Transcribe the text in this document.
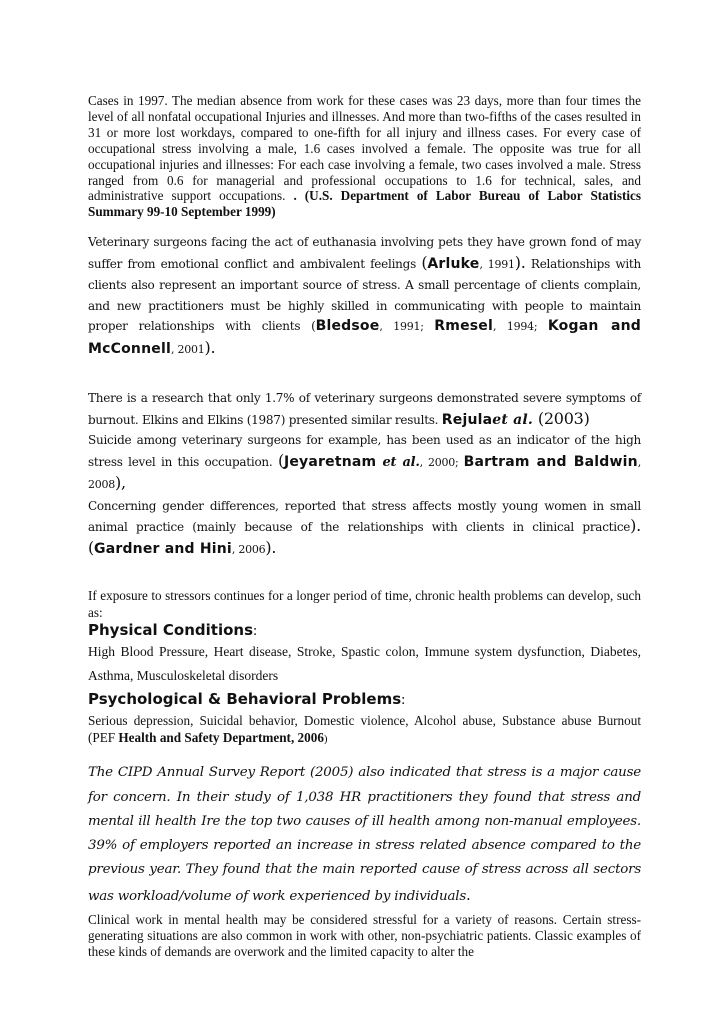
Cases in 1997. The median absence from work for these cases was 23 days, more than four times the level of all nonfatal occupational Injuries and illnesses. And more than two-fifths of the cases resulted in 31 or more lost workdays, compared to one-fifth for all injury and illness cases. For every case of occupational stress involving a male, 1.6 cases involved a female. The opposite was true for all occupational injuries and illnesses: For each case involving a female, two cases involved a male. Stress ranged from 0.6 for managerial and professional occupations to 1.6 for technical, sales, and administrative support occupations. . (U.S. Department of Labor Bureau of Labor Statistics Summary 99-10 September 1999)

Veterinary surgeons facing the act of euthanasia involving pets they have grown fond of may suffer from emotional conflict and ambivalent feelings (Arluke, 1991). Relationships with clients also represent an important source of stress. A small percentage of clients complain, and new practitioners must be highly skilled in communicating with people to maintain proper relationships with clients (Bledsoe, 1991; Rmesel, 1994; Kogan and McConnell, 2001).

There is a research that only 1.7% of veterinary surgeons demonstrated severe symptoms of burnout. Elkins and Elkins (1987) presented similar results. Rejulaet al. (2003)
Suicide among veterinary surgeons for example, has been used as an indicator of the high stress level in this occupation. (Jeyaretnam et al., 2000; Bartram and Baldwin, 2008),
Concerning gender differences, reported that stress affects mostly young women in small animal practice (mainly because of the relationships with clients in clinical practice). (Gardner and Hini, 2006).

If exposure to stressors continues for a longer period of time, chronic health problems can develop, such as:

Physical Conditions:

High Blood Pressure, Heart disease, Stroke, Spastic colon, Immune system dysfunction, Diabetes, Asthma, Musculoskeletal disorders

Psychological & Behavioral Problems:

Serious depression, Suicidal behavior, Domestic violence, Alcohol abuse, Substance abuse Burnout (PEF Health and Safety Department, 2006)

The CIPD Annual Survey Report (2005) also indicated that stress is a major cause for concern. In their study of 1,038 HR practitioners they found that stress and mental ill health Ire the top two causes of ill health among non-manual employees. 39% of employers reported an increase in stress related absence compared to the previous year. They found that the main reported cause of stress across all sectors was workload/volume of work experienced by individuals.

Clinical work in mental health may be considered stressful for a variety of reasons. Certain stress-generating situations are also common in work with other, non-psychiatric patients. Classic examples of these kinds of demands are overwork and the limited capacity to alter the
